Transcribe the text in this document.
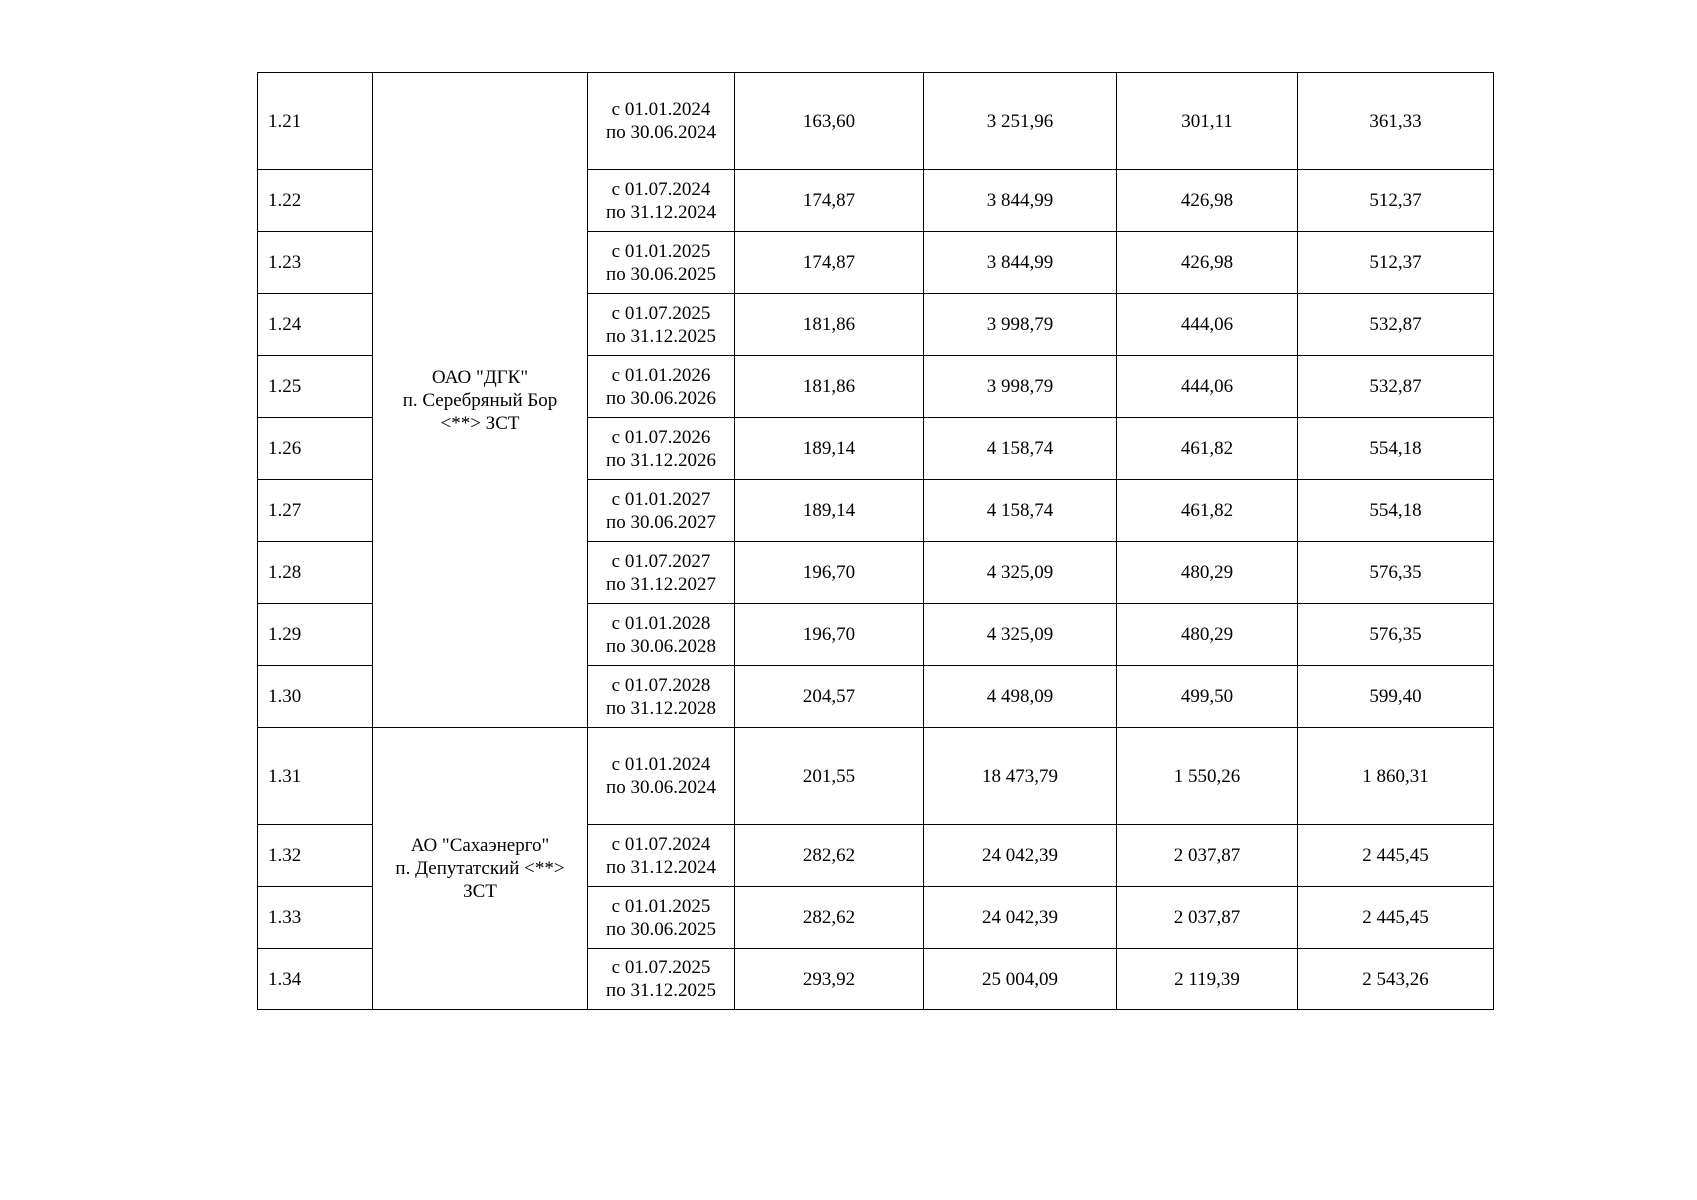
1.21	ОАО "ДГК"
п. Серебряный Бор
<**> ЗСТ	с 01.01.2024
по 30.06.2024	163,60	3 251,96	301,11	361,33
1.22		с 01.07.2024
по 31.12.2024	174,87	3 844,99	426,98	512,37
1.23		с 01.01.2025
по 30.06.2025	174,87	3 844,99	426,98	512,37
1.24		с 01.07.2025
по 31.12.2025	181,86	3 998,79	444,06	532,87
1.25		с 01.01.2026
по 30.06.2026	181,86	3 998,79	444,06	532,87
1.26		с 01.07.2026
по 31.12.2026	189,14	4 158,74	461,82	554,18
1.27		с 01.01.2027
по 30.06.2027	189,14	4 158,74	461,82	554,18
1.28		с 01.07.2027
по 31.12.2027	196,70	4 325,09	480,29	576,35
1.29		с 01.01.2028
по 30.06.2028	196,70	4 325,09	480,29	576,35
1.30		с 01.07.2028
по 31.12.2028	204,57	4 498,09	499,50	599,40
1.31	АО "Сахаэнерго"
п. Депутатский <**>
ЗСТ	с 01.01.2024
по 30.06.2024	201,55	18 473,79	1 550,26	1 860,31
1.32		с 01.07.2024
по 31.12.2024	282,62	24 042,39	2 037,87	2 445,45
1.33		с 01.01.2025
по 30.06.2025	282,62	24 042,39	2 037,87	2 445,45
1.34		с 01.07.2025
по 31.12.2025	293,92	25 004,09	2 119,39	2 543,26
